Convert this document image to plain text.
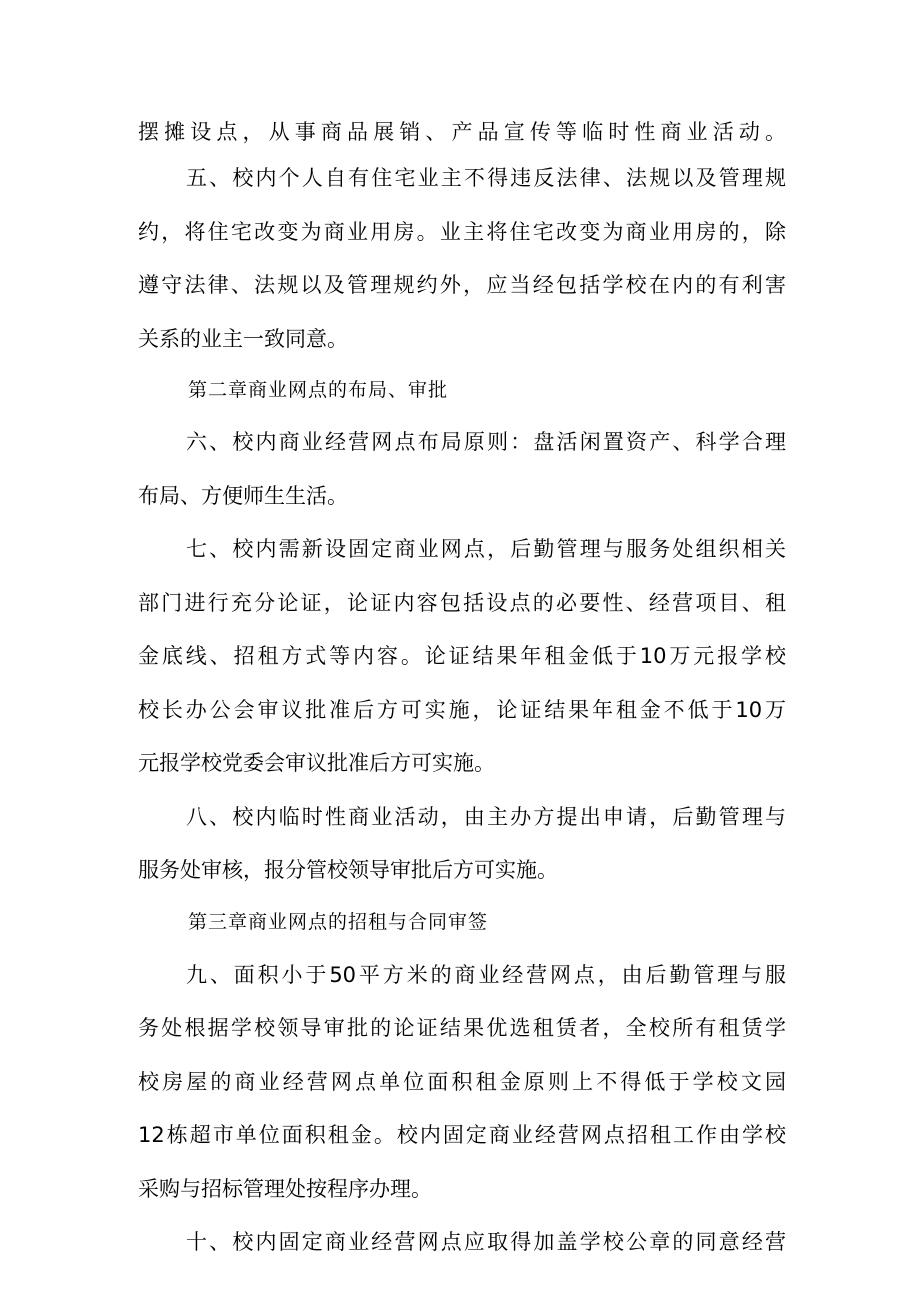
摆摊设点，从事商品展销、产品宣传等临时性商业活动。
五、校内个人自有住宅业主不得违反法律、法规以及管理规
约，将住宅改变为商业用房。业主将住宅改变为商业用房的，除
遵守法律、法规以及管理规约外，应当经包括学校在内的有利害
关系的业主一致同意。
第二章商业网点的布局、审批
六、校内商业经营网点布局原则：盘活闲置资产、科学合理
布局、方便师生生活。
七、校内需新设固定商业网点，后勤管理与服务处组织相关
部门进行充分论证，论证内容包括设点的必要性、经营项目、租
金底线、招租方式等内容。论证结果年租金低于10万元报学校
校长办公会审议批准后方可实施，论证结果年租金不低于10万
元报学校党委会审议批准后方可实施。
八、校内临时性商业活动，由主办方提出申请，后勤管理与
服务处审核，报分管校领导审批后方可实施。
第三章商业网点的招租与合同审签
九、面积小于50平方米的商业经营网点，由后勤管理与服
务处根据学校领导审批的论证结果优选租赁者，全校所有租赁学
校房屋的商业经营网点单位面积租金原则上不得低于学校文园
12栋超市单位面积租金。校内固定商业经营网点招租工作由学校
采购与招标管理处按程序办理。
十、校内固定商业经营网点应取得加盖学校公章的同意经营
